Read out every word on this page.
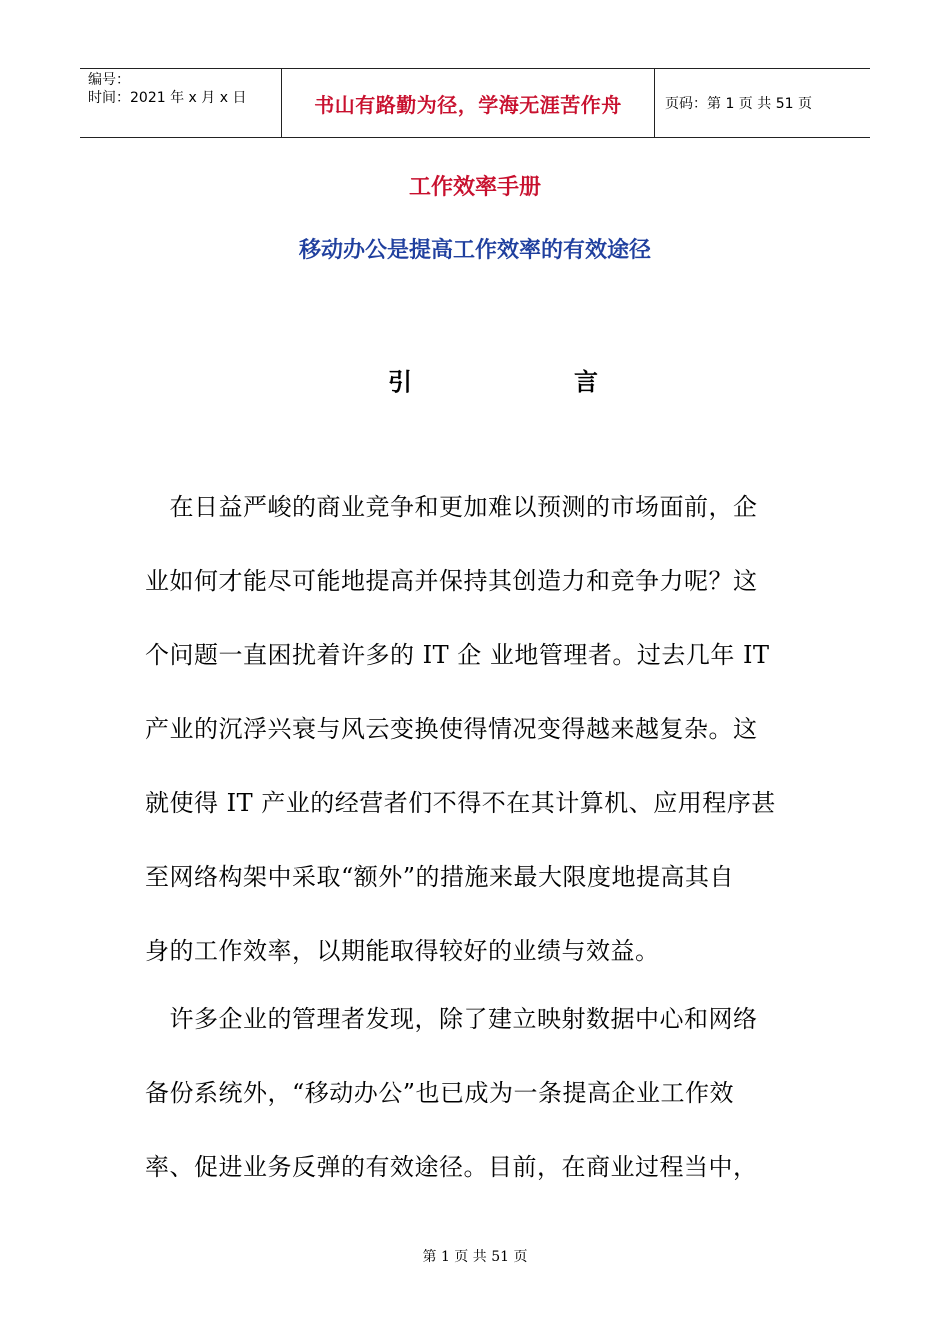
编号：
时间：2021 年 x 月 x 日	书山有路勤为径，学海无涯苦作舟	页码：第 1 页 共 51 页
工作效率手册
移动办公是提高工作效率的有效途径
引	言
　在日益严峻的商业竞争和更加难以预测的市场面前，企
业如何才能尽可能地提高并保持其创造力和竞争力呢？这
个问题一直困扰着许多的 IT 企 业地管理者。过去几年 IT
产业的沉浮兴衰与风云变换使得情况变得越来越复杂。这
就使得 IT 产业的经营者们不得不在其计算机、应用程序甚
至网络构架中采取“额外”的措施来最大限度地提高其自
身的工作效率，以期能取得较好的业绩与效益。
　许多企业的管理者发现，除了建立映射数据中心和网络
备份系统外，“移动办公”也已成为一条提高企业工作效
率、促进业务反弹的有效途径。目前，在商业过程当中，
第 1 页 共 51 页
